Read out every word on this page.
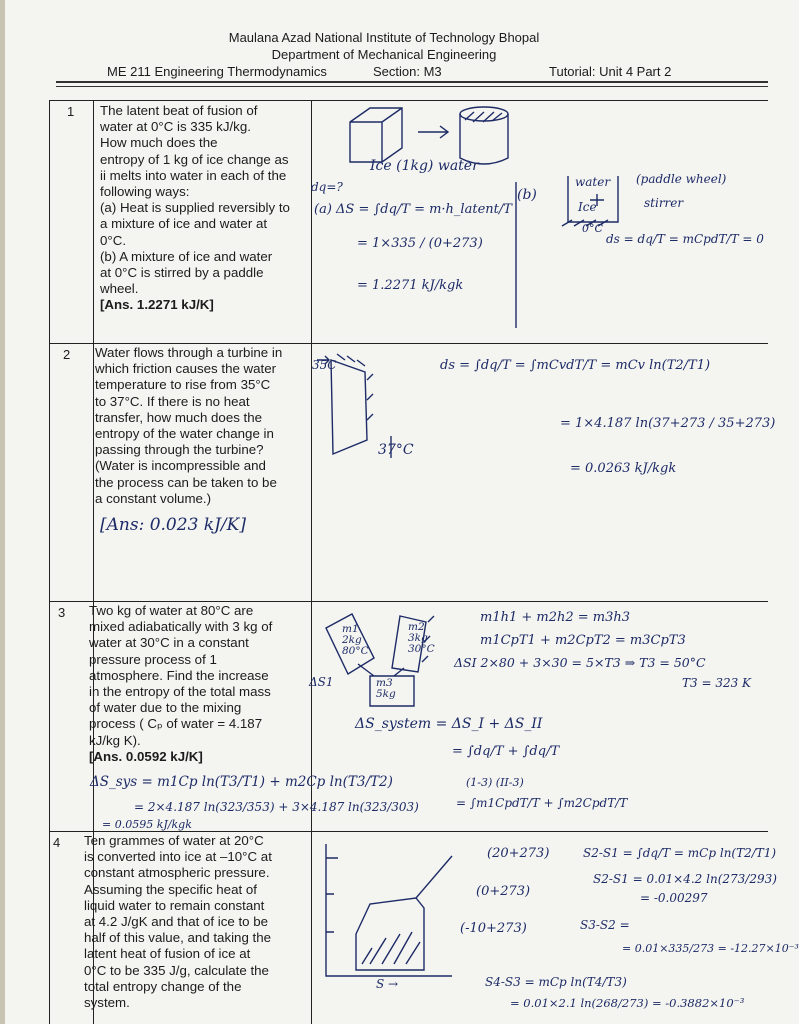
Maulana Azad National Institute of Technology Bhopal
Department of Mechanical Engineering
ME 211 Engineering Thermodynamics	Section: M3	Tutorial: Unit 4 Part 2
1 The latent beat of fusion of
water at 0°C is 335 kJ/kg.
How much does the
entropy of 1 kg of ice change as
ii melts into water in each of the
following ways:
(a) Heat is supplied reversibly to
a mixture of ice and water at
0°C.
(b) A mixture of ice and water
at 0°C is stirred by a paddle
wheel.
[Ans. 1.2271 kJ/K]
Ice (1kg) water
dq=?
(a) ΔS = ∫dq/T = m·h_latent/T
= 1×335 / (0+273)
= 1.2271 kJ/kgk
(b)
water
Ice
(paddle wheel)
stirrer
0°C
ds = dq/T = mCpdT/T = 0
2 Water flows through a turbine in
which friction causes the water
temperature to rise from 35°C
to 37°C. If there is no heat
transfer, how much does the
entropy of the water change in
passing through the turbine?
(Water is incompressible and
the process can be taken to be
a constant volume.)
[Ans: 0.023 kJ/K]
35C
37°C
ds = ∫dq/T = ∫mCvdT/T = mCv ln(T2/T1)
= 1×4.187 ln(37+273 / 35+273)
= 0.0263 kJ/kgk
3 Two kg of water at 80°C are
mixed adiabatically with 3 kg of
water at 30°C in a constant
pressure process of 1
atmosphere. Find the increase
in the entropy of the total mass
of water due to the mixing
process ( Cₚ of water = 4.187
kJ/kg K).
[Ans. 0.0592 kJ/K]
m1 2kg 80°C
m2 3kg 30°C
m3 5kg
ΔS1
m1h1 + m2h2 = m3h3
m1CpT1 + m2CpT2 = m3CpT3
ΔSI 2×80 + 3×30 = 5×T3 ⇒ T3 = 50°C
T3 = 323 K
ΔS_system = ΔS_I + ΔS_II
= ∫dq/T + ∫dq/T
(1-3) (II-3)
= ∫m1CpdT/T + ∫m2CpdT/T
ΔS_sys = m1Cp ln(T3/T1) + m2Cp ln(T3/T2)
= 2×4.187 ln(323/353) + 3×4.187 ln(323/303)
= 0.0595 kJ/kgk
4 Ten grammes of water at 20°C
is converted into ice at –10°C at
constant atmospheric pressure.
Assuming the specific heat of
liquid water to remain constant
at 4.2 J/gK and that of ice to be
half of this value, and taking the
latent heat of fusion of ice at
0°C to be 335 J/g, calculate the
total entropy change of the
system.
(20+273)
(0+273)
(-10+273)
S →
S2-S1 = ∫dq/T = mCp ln(T2/T1)
S2-S1 = 0.01×4.2 ln(273/293)
= -0.00297
S3-S2 =
= 0.01×335/273 = -12.27×10⁻³
S4-S3 = mCp ln(T4/T3)
= 0.01×2.1 ln(268/273) = -0.3882×10⁻³
